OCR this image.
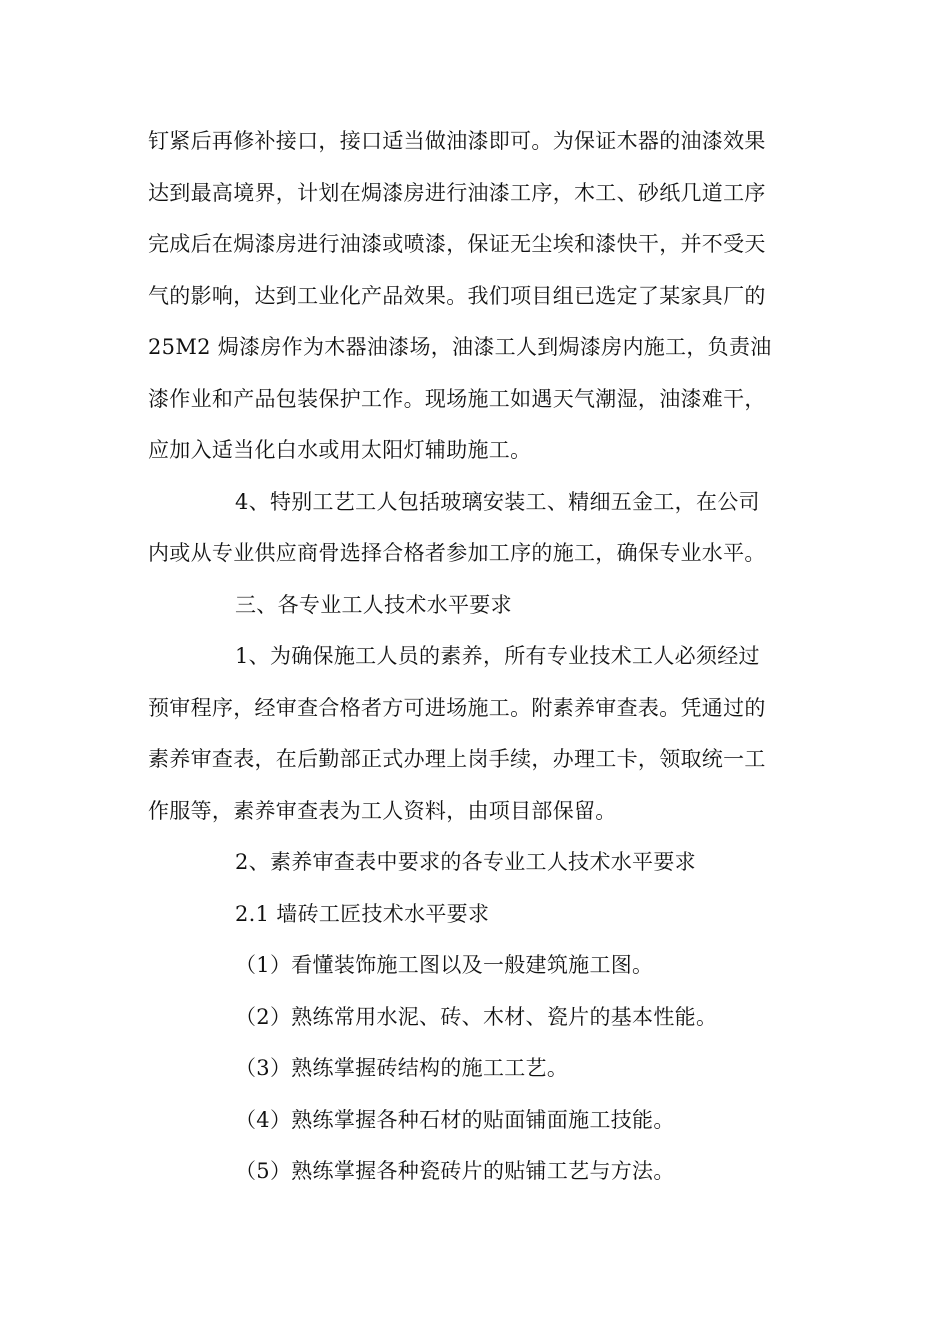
钉紧后再修补接口，接口适当做油漆即可。为保证木器的油漆效果
达到最高境界，计划在焗漆房进行油漆工序，木工、砂纸几道工序
完成后在焗漆房进行油漆或喷漆，保证无尘埃和漆快干，并不受天
气的影响，达到工业化产品效果。我们项目组已选定了某家具厂的
25M2 焗漆房作为木器油漆场，油漆工人到焗漆房内施工，负责油
漆作业和产品包装保护工作。现场施工如遇天气潮湿，油漆难干，
应加入适当化白水或用太阳灯辅助施工。

4、特别工艺工人包括玻璃安装工、精细五金工，在公司
内或从专业供应商骨选择合格者参加工序的施工，确保专业水平。

三、各专业工人技术水平要求

1、为确保施工人员的素养，所有专业技术工人必须经过
预审程序，经审查合格者方可进场施工。附素养审查表。凭通过的
素养审查表，在后勤部正式办理上岗手续，办理工卡，领取统一工
作服等，素养审查表为工人资料，由项目部保留。

2、素养审查表中要求的各专业工人技术水平要求

2.1 墙砖工匠技术水平要求

（1）看懂装饰施工图以及一般建筑施工图。

（2）熟练常用水泥、砖、木材、瓷片的基本性能。

（3）熟练掌握砖结构的施工工艺。

（4）熟练掌握各种石材的贴面铺面施工技能。

（5）熟练掌握各种瓷砖片的贴铺工艺与方法。
